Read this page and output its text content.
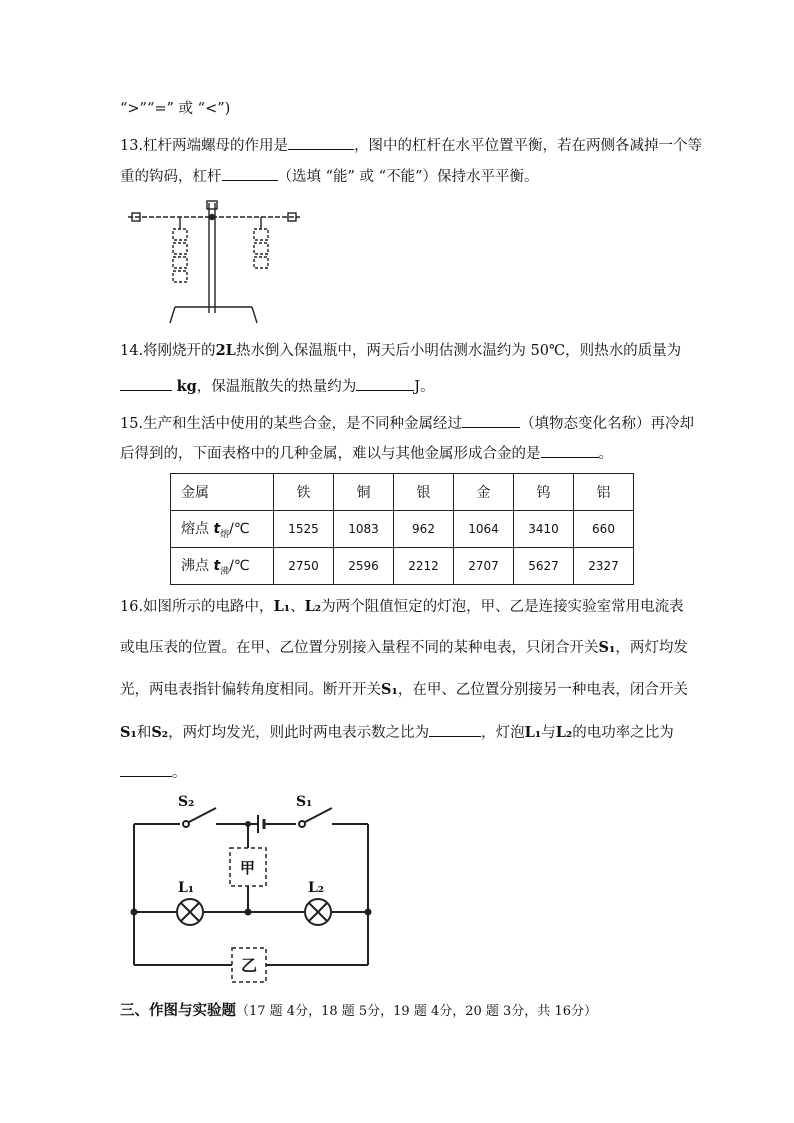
“>”“=” 或 “<”)
13.杠杆两端螺母的作用是	，图中的杠杆在水平位置平衡，若在两侧各减掉一个等
重的钩码，杠杆	（选填 “能” 或 “不能”）保持水平平衡。
14.将刚烧开的2L热水倒入保温瓶中，两天后小明估测水温约为 50℃，则热水的质量为
kg，保温瓶散失的热量约为	J。
15.生产和生活中使用的某些合金，是不同种金属经过	（填物态变化名称）再冷却
后得到的，下面表格中的几种金属，难以与其他金属形成合金的是	。
金属	铁	铜	银	金	钨	铝
熔点 $t_熔/℃$	1525	1083	962	1064	3410	660
沸点 $t_沸/℃$	2750	2596	2212	2707	5627	2327
16.如图所示的电路中，L₁、L₂为两个阻值恒定的灯泡，甲、乙是连接实验室常用电流表
或电压表的位置。在甲、乙位置分别接入量程不同的某种电表，只闭合开关S₁，两灯均发
光，两电表指针偏转角度相同。断开开关S₁，在甲、乙位置分别接另一种电表，闭合开关
S₁和S₂，两灯均发光，则此时两电表示数之比为	，灯泡L₁与L₂的电功率之比为
。
S₂	S₁
L₁	L₂
甲
乙
三、作图与实验题（17 题 4分，18 题 5分，19 题 4分，20 题 3分，共 16分）
